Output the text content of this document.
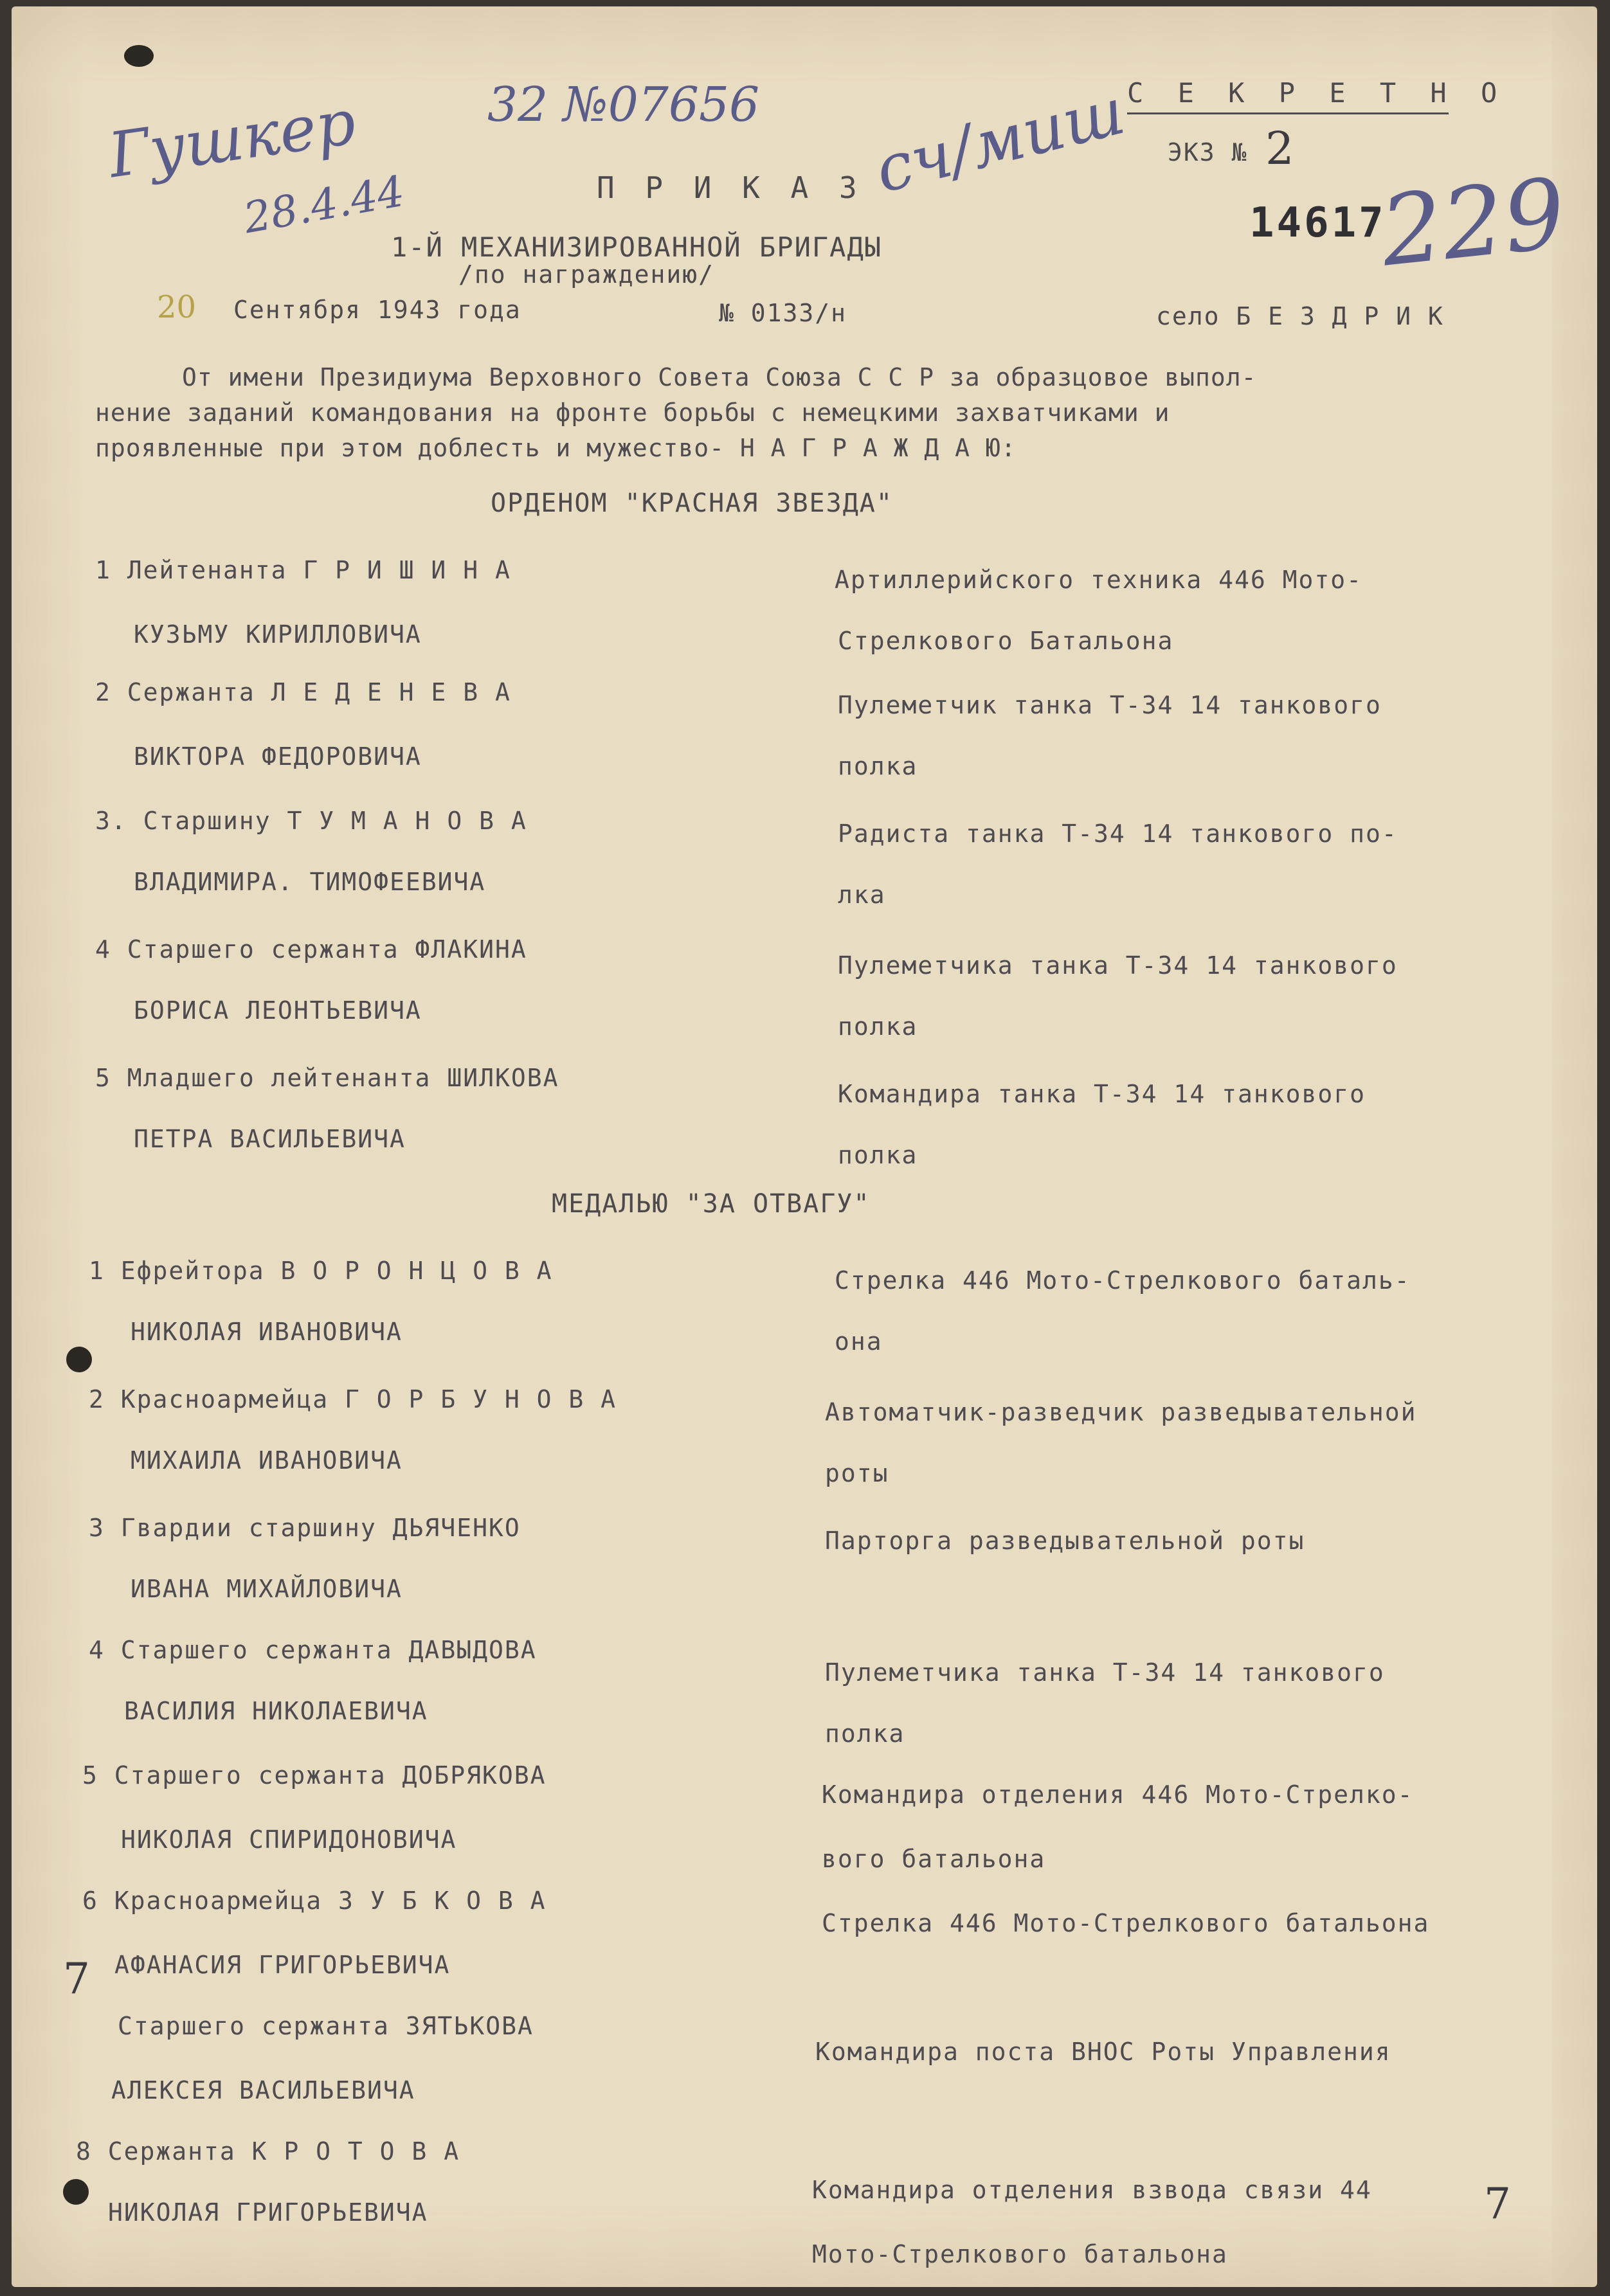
Гушкер
28.4.44
32 №07656 сч/миш
229
7
7
С Е К Р Е Т Н О
ЭКЗ № 2
14617
П Р И К А З
1-Й МЕХАНИЗИРОВАННОЙ БРИГАДЫ
/по награждению/
20 Сентября 1943 года	№ 0133/н	село Б Е З Д Р И К
От имени Президиума Верховного Совета Союза С С Р за образцовое выпол-
нение заданий командования на фронте борьбы с немецкими захватчиками и
проявленные при этом доблесть и мужество- Н А Г Р А Ж Д А Ю:
ОРДЕНОМ "КРАСНАЯ ЗВЕЗДА"
1 Лейтенанта Г Р И Ш И Н А
КУЗЬМУ КИРИЛЛОВИЧА
Артиллерийского техника 446 Мото-
Стрелкового Батальона
2 Сержанта Л Е Д Е Н Е В А
ВИКТОРА ФЕДОРОВИЧА
Пулеметчик танка Т-34 14 танкового
полка
3. Старшину Т У М А Н О В А
ВЛАДИМИРА. ТИМОФЕЕВИЧА
Радиста танка Т-34 14 танкового по-
лка
4 Старшего сержанта ФЛАКИНА
БОРИСА ЛЕОНТЬЕВИЧА
Пулеметчика танка Т-34 14 танкового
полка
5 Младшего лейтенанта ШИЛКОВА
ПЕТРА ВАСИЛЬЕВИЧА
Командира танка Т-34 14 танкового
полка
МЕДАЛЬЮ "ЗА ОТВАГУ"
1 Ефрейтора В О Р О Н Ц О В А
НИКОЛАЯ ИВАНОВИЧА
Стрелка 446 Мото-Стрелкового баталь-
она
2 Красноармейца Г О Р Б У Н О В А
МИХАИЛА ИВАНОВИЧА
Автоматчик-разведчик разведывательной
роты
3 Гвардии старшину ДЬЯЧЕНКО
ИВАНА МИХАЙЛОВИЧА
Парторга разведывательной роты
4 Старшего сержанта ДАВЫДОВА
ВАСИЛИЯ НИКОЛАЕВИЧА
Пулеметчика танка Т-34 14 танкового
полка
5 Старшего сержанта ДОБРЯКОВА
НИКОЛАЯ СПИРИДОНОВИЧА
Командира отделения 446 Мото-Стрелко-
вого батальона
6 Красноармейца З У Б К О В А
АФАНАСИЯ ГРИГОРЬЕВИЧА
Стрелка 446 Мото-Стрелкового батальона
Старшего сержанта ЗЯТЬКОВА
АЛЕКСЕЯ ВАСИЛЬЕВИЧА
Командира поста ВНОС Роты Управления
8 Сержанта К Р О Т О В А
НИКОЛАЯ ГРИГОРЬЕВИЧА
Командира отделения взвода связи 44
Мото-Стрелкового батальона
